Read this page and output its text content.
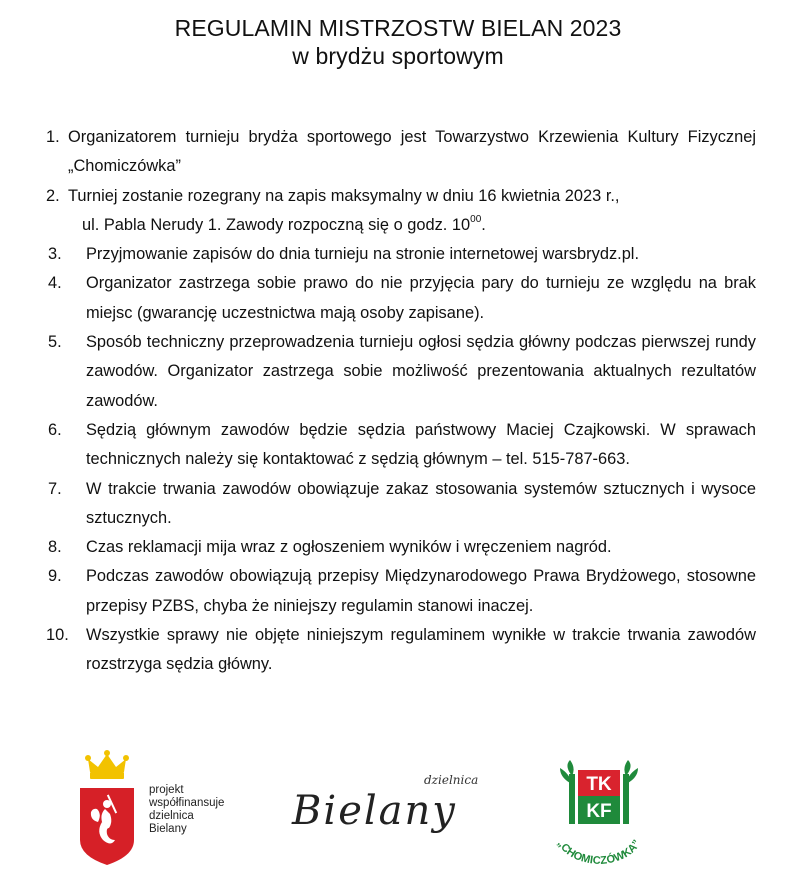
REGULAMIN MISTRZOSTW BIELAN 2023
w brydżu sportowym
1. Organizatorem turnieju brydża sportowego jest Towarzystwo Krzewienia Kultury Fizycznej „Chomiczówka”
2. Turniej zostanie rozegrany na zapis maksymalny w dniu 16 kwietnia 2023 r.,
ul. Pabla Nerudy 1. Zawody rozpoczną się o godz. $10^{00}$.
3. Przyjmowanie zapisów do dnia turnieju na stronie internetowej warsbrydz.pl.
4. Organizator zastrzega sobie prawo do nie przyjęcia pary do turnieju ze względu na brak miejsc (gwarancję uczestnictwa mają osoby zapisane).
5. Sposób techniczny przeprowadzenia turnieju ogłosi sędzia główny podczas pierwszej rundy zawodów. Organizator zastrzega sobie możliwość prezentowania aktualnych rezultatów zawodów.
6. Sędzią głównym zawodów będzie sędzia państwowy Maciej Czajkowski. W sprawach technicznych należy się kontaktować z sędzią głównym – tel. 515-787-663.
7. W trakcie trwania zawodów obowiązuje zakaz stosowania systemów sztucznych i wysoce sztucznych.
8. Czas reklamacji mija wraz z ogłoszeniem wyników i wręczeniem nagród.
9. Podczas zawodów obowiązują przepisy Międzynarodowego Prawa Brydżowego, stosowne przepisy PZBS, chyba że niniejszy regulamin stanowi inaczej.
10. Wszystkie sprawy nie objęte niniejszym regulaminem wynikłe w trakcie trwania zawodów rozstrzyga sędzia główny.
projekt
współfinansuje
dzielnica
Bielany
dzielnica
Bielany
TK
KF
„CHOMICZÓWKA”
